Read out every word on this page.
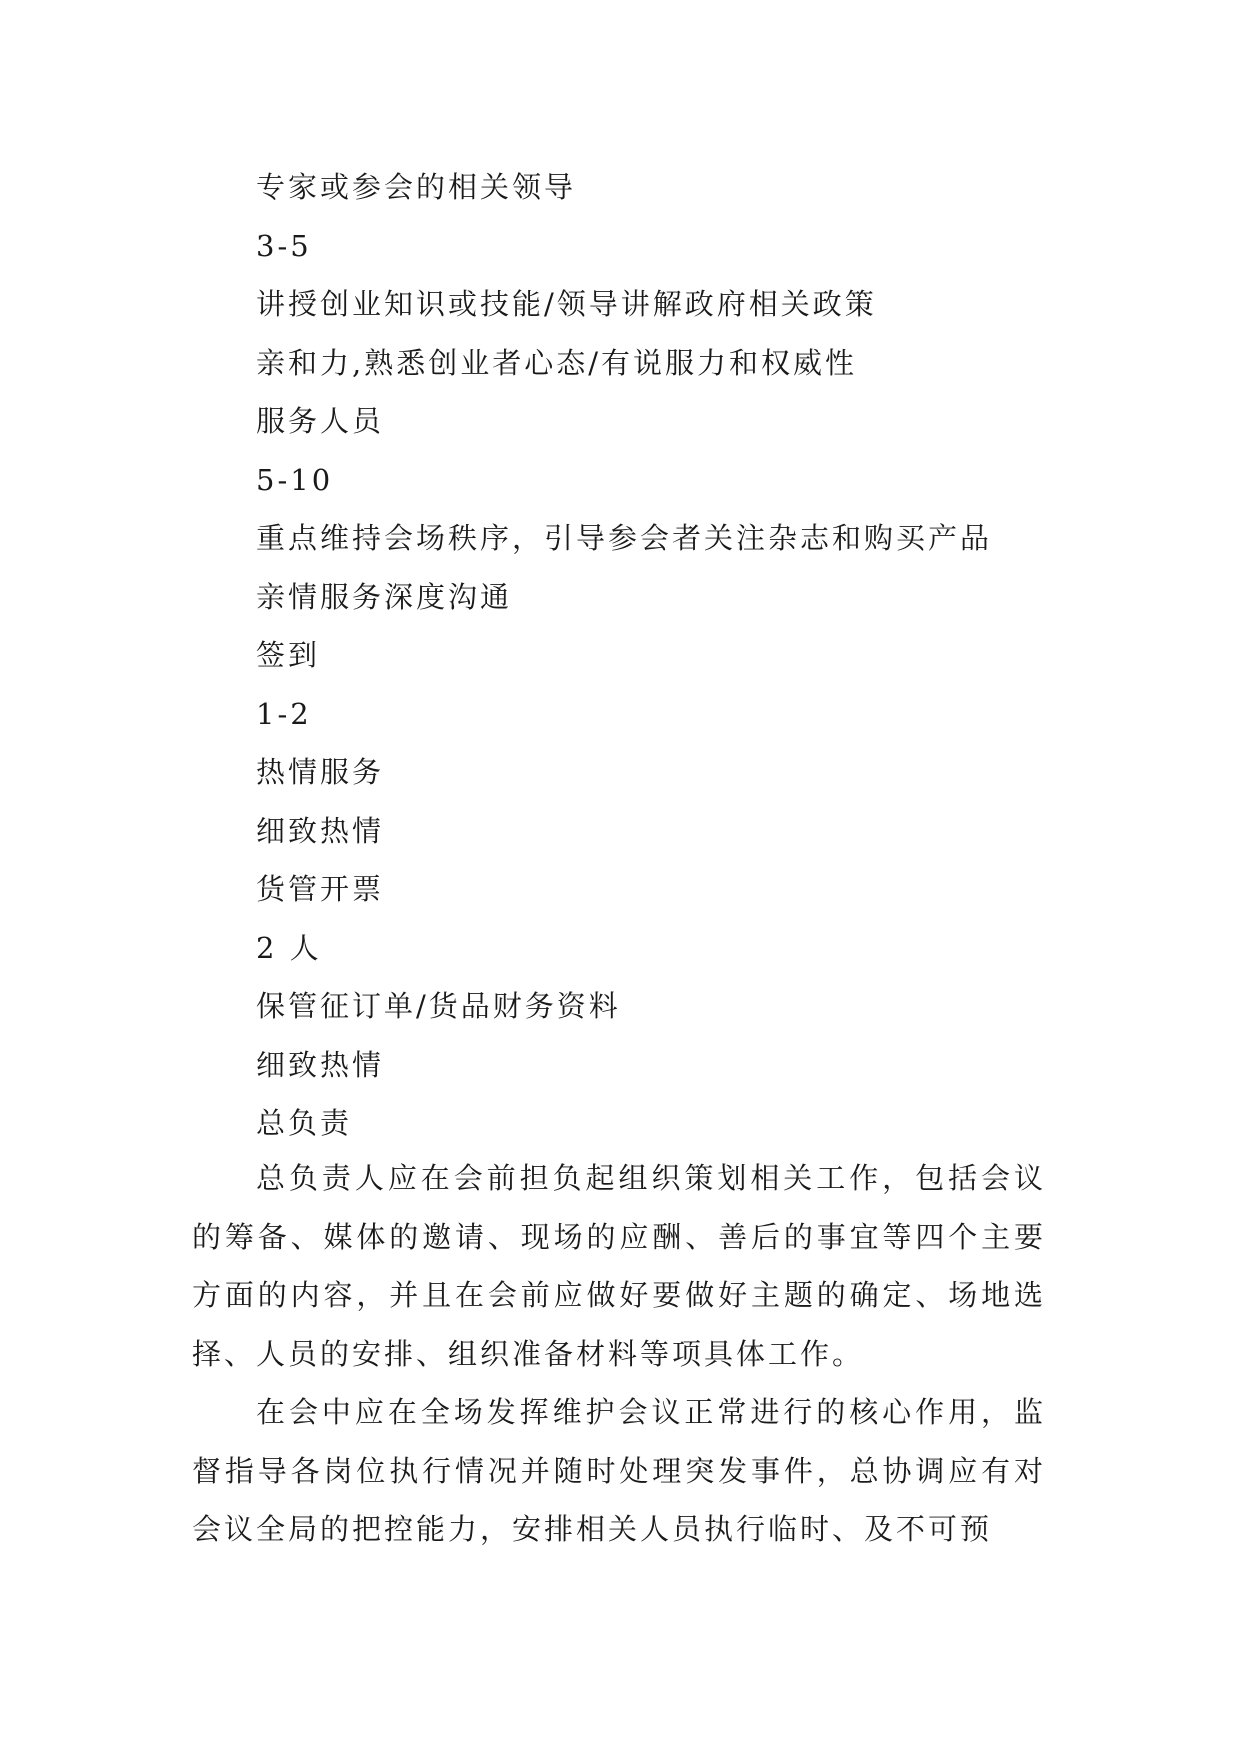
专家或参会的相关领导
3-5
讲授创业知识或技能/领导讲解政府相关政策
亲和力,熟悉创业者心态/有说服力和权威性
服务人员
5-10
重点维持会场秩序，引导参会者关注杂志和购买产品
亲情服务深度沟通
签到
1-2
热情服务
细致热情
货管开票
2 人
保管征订单/货品财务资料
细致热情
总负责

总负责人应在会前担负起组织策划相关工作，包括会议的筹备、媒体的邀请、现场的应酬、善后的事宜等四个主要方面的内容，并且在会前应做好要做好主题的确定、场地选择、人员的安排、组织准备材料等项具体工作。

在会中应在全场发挥维护会议正常进行的核心作用，监督指导各岗位执行情况并随时处理突发事件，总协调应有对会议全局的把控能力，安排相关人员执行临时、及不可预
